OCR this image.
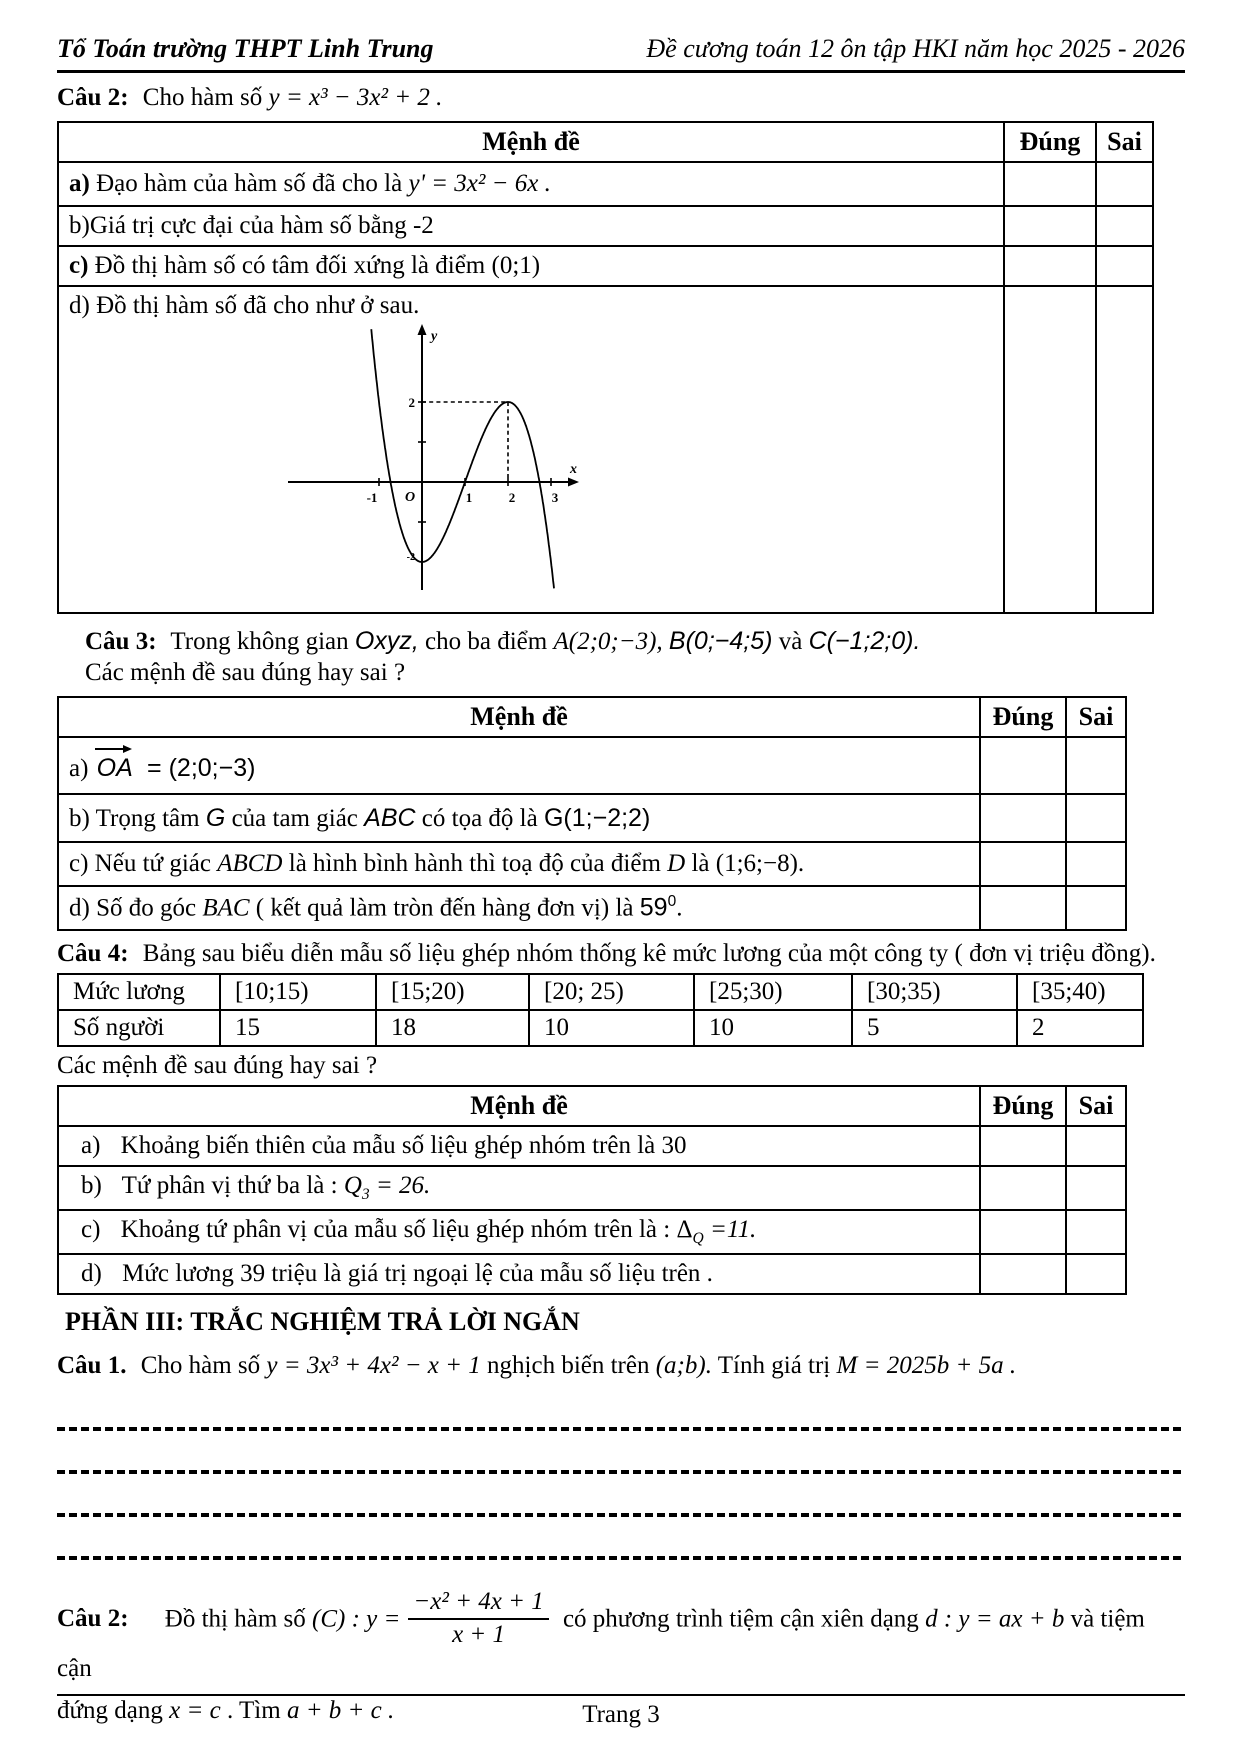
Tổ Toán trường THPT Linh Trung	Đề cương toán 12 ôn tập HKI năm học 2025 - 2026

Câu 2: Cho hàm số y = x³ − 3x² + 2 .

Mệnh đề	Đúng	Sai
a) Đạo hàm của hàm số đã cho là y' = 3x² − 6x .		
b)Giá trị cực đại của hàm số bằng -2		
c) Đồ thị hàm số có tâm đối xứng là điểm (0;1)		

d) Đồ thị hàm số đã cho như ở sau.
x
y
O
-1	1	2	3
2
-2

Câu 3: Trong không gian Oxyz, cho ba điểm A(2;0;−3), B(0;−4;5) và C(−1;2;0).
Các mệnh đề sau đúng hay sai ?

Mệnh đề	Đúng	Sai
a) OA = (2;0;−3)		
b) Trọng tâm G của tam giác ABC có tọa độ là G(1;−2;2)		
c) Nếu tứ giác ABCD là hình bình hành thì toạ độ của điểm D là (1;6;−8).		
d) Số đo góc BAC ( kết quả làm tròn đến hàng đơn vị) là $59^0$.		

Câu 4: Bảng sau biểu diễn mẫu số liệu ghép nhóm thống kê mức lương của một công ty ( đơn vị triệu đồng).

Mức lương	[10;15)	[15;20)	[20; 25)	[25;30)	[30;35)	[35;40)
Số người	15	18	10	10	5	2

Các mệnh đề sau đúng hay sai ?

Mệnh đề	Đúng	Sai
a) Khoảng biến thiên của mẫu số liệu ghép nhóm trên là 30		
b) Tứ phân vị thứ ba là : $Q_3 = 26$.		
c) Khoảng tứ phân vị của mẫu số liệu ghép nhóm trên là : $\Delta_Q =11$.		
d) Mức lương 39 triệu là giá trị ngoại lệ của mẫu số liệu trên .		

PHẦN III: TRẮC NGHIỆM TRẢ LỜI NGẮN

Câu 1. Cho hàm số y = 3x³ + 4x² − x + 1 nghịch biến trên (a;b). Tính giá trị M = 2025b + 5a .

Câu 2: Đồ thị hàm số (C) : $y = \frac{\text{−x² + 4x + 1}}{x + 1}$ có phương trình tiệm cận xiên dạng d : y = ax + b và tiệm cận

đứng dạng x = c . Tìm a + b + c .	Trang 3
